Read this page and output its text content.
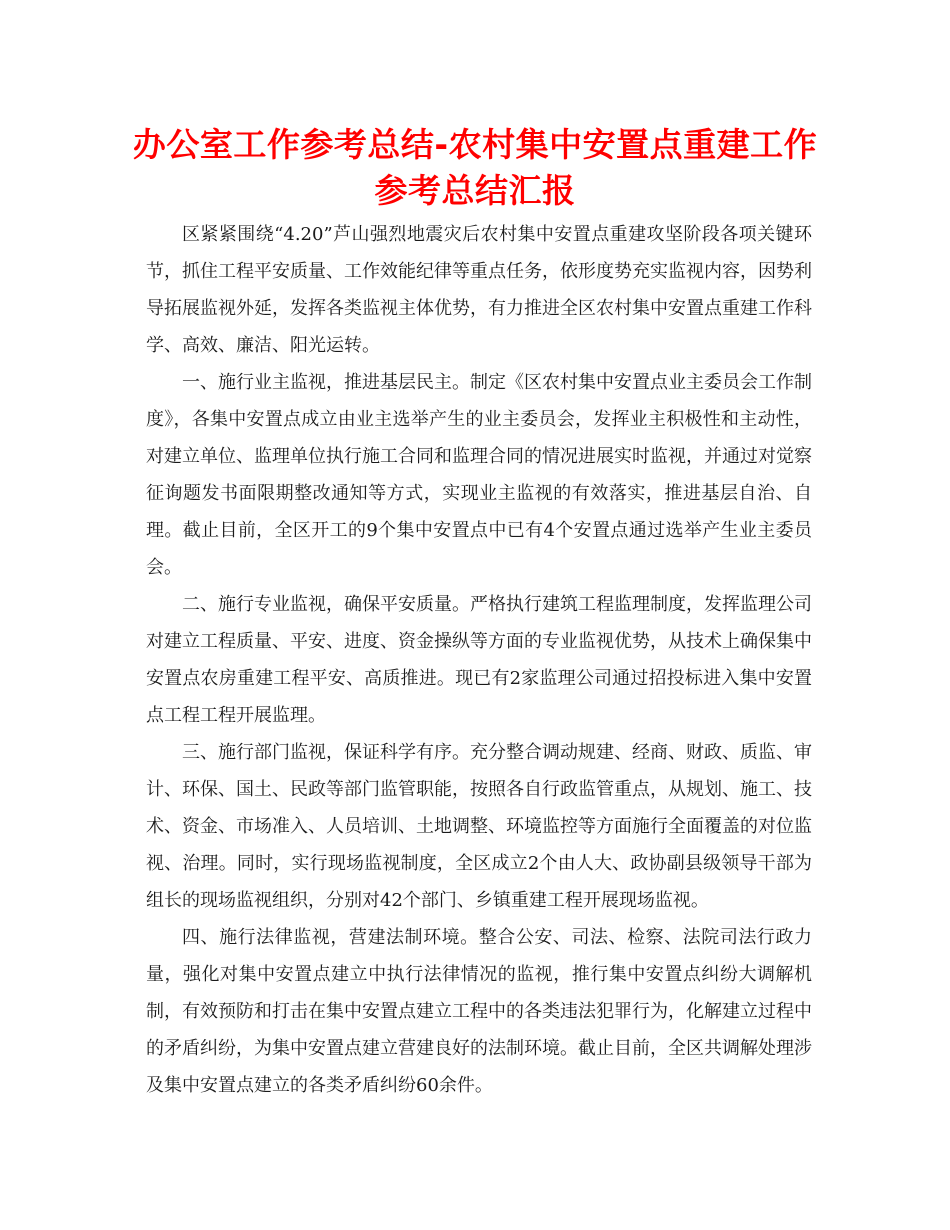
办公室工作参考总结-农村集中安置点重建工作
参考总结汇报

区紧紧围绕“4.20”芦山强烈地震灾后农村集中安置点重建攻坚阶段各项关键环节，抓住工程平安质量、工作效能纪律等重点任务，依形度势充实监视内容，因势利导拓展监视外延，发挥各类监视主体优势，有力推进全区农村集中安置点重建工作科学、高效、廉洁、阳光运转。

一、施行业主监视，推进基层民主。制定《区农村集中安置点业主委员会工作制度》，各集中安置点成立由业主选举产生的业主委员会，发挥业主积极性和主动性，对建立单位、监理单位执行施工合同和监理合同的情况进展实时监视，并通过对觉察征询题发书面限期整改通知等方式，实现业主监视的有效落实，推进基层自治、自理。截止目前，全区开工的9个集中安置点中已有4个安置点通过选举产生业主委员会。

二、施行专业监视，确保平安质量。严格执行建筑工程监理制度，发挥监理公司对建立工程质量、平安、进度、资金操纵等方面的专业监视优势，从技术上确保集中安置点农房重建工程平安、高质推进。现已有2家监理公司通过招投标进入集中安置点工程工程开展监理。

三、施行部门监视，保证科学有序。充分整合调动规建、经商、财政、质监、审计、环保、国土、民政等部门监管职能，按照各自行政监管重点，从规划、施工、技术、资金、市场准入、人员培训、土地调整、环境监控等方面施行全面覆盖的对位监视、治理。同时，实行现场监视制度，全区成立2个由人大、政协副县级领导干部为组长的现场监视组织，分别对42个部门、乡镇重建工程开展现场监视。

四、施行法律监视，营建法制环境。整合公安、司法、检察、法院司法行政力量，强化对集中安置点建立中执行法律情况的监视，推行集中安置点纠纷大调解机制，有效预防和打击在集中安置点建立工程中的各类违法犯罪行为，化解建立过程中的矛盾纠纷，为集中安置点建立营建良好的法制环境。截止目前，全区共调解处理涉及集中安置点建立的各类矛盾纠纷60余件。
